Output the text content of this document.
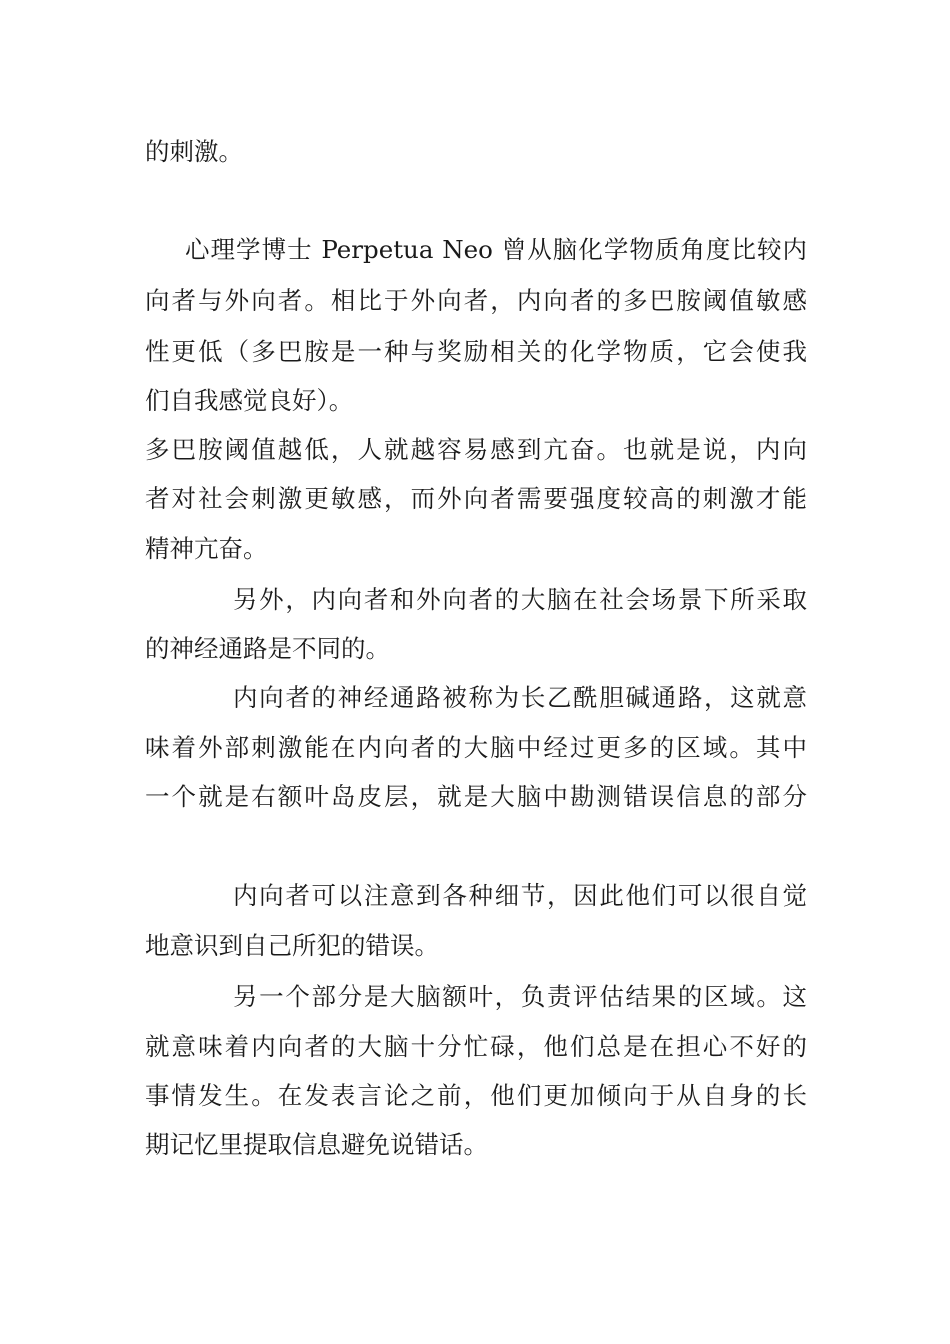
的刺激。
心理学博士 Perpetua Neo 曾从脑化学物质角度比较内
向者与外向者。相比于外向者，内向者的多巴胺阈值敏感
性更低（多巴胺是一种与奖励相关的化学物质，它会使我
们自我感觉良好）。
多巴胺阈值越低，人就越容易感到亢奋。也就是说，内向
者对社会刺激更敏感，而外向者需要强度较高的刺激才能
精神亢奋。
另外，内向者和外向者的大脑在社会场景下所采取
的神经通路是不同的。
内向者的神经通路被称为长乙酰胆碱通路，这就意
味着外部刺激能在内向者的大脑中经过更多的区域。其中
一个就是右额叶岛皮层，就是大脑中勘测错误信息的部分
内向者可以注意到各种细节，因此他们可以很自觉
地意识到自己所犯的错误。
另一个部分是大脑额叶，负责评估结果的区域。这
就意味着内向者的大脑十分忙碌，他们总是在担心不好的
事情发生。在发表言论之前，他们更加倾向于从自身的长
期记忆里提取信息避免说错话。
